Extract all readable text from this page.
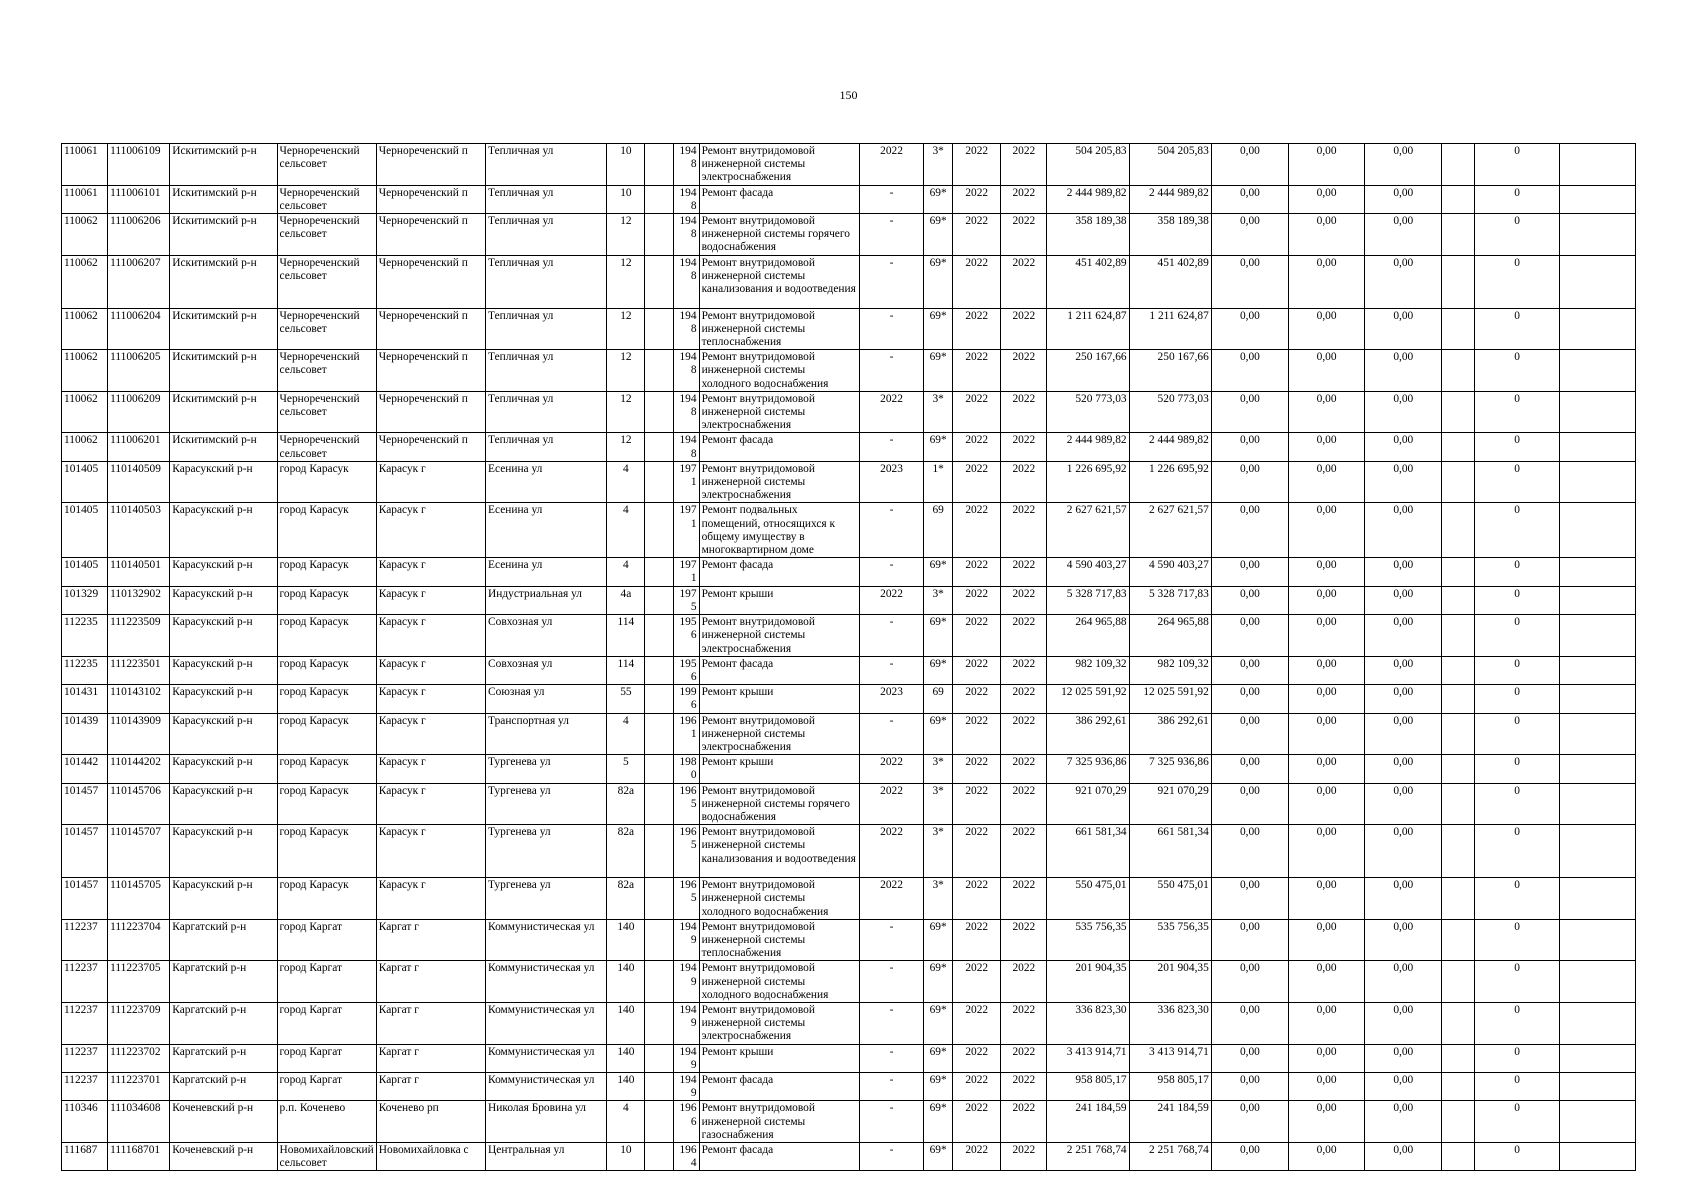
150
110061	111006109	Искитимский р-н	Чернореченский сельсовет	Чернореченский п	Тепличная ул	10		1948	Ремонт внутридомовой инженерной системы электроснабжения	2022	3*	2022	2022	504 205,83	504 205,83	0,00	0,00	0,00		0	
110061	111006101	Искитимский р-н	Чернореченский сельсовет	Чернореченский п	Тепличная ул	10		1948	Ремонт фасада	-	69*	2022	2022	2 444 989,82	2 444 989,82	0,00	0,00	0,00		0	
110062	111006206	Искитимский р-н	Чернореченский сельсовет	Чернореченский п	Тепличная ул	12		1948	Ремонт внутридомовой инженерной системы горячего водоснабжения	-	69*	2022	2022	358 189,38	358 189,38	0,00	0,00	0,00		0	
110062	111006207	Искитимский р-н	Чернореченский сельсовет	Чернореченский п	Тепличная ул	12		1948	Ремонт внутридомовой инженерной системы канализования и водоотведения	-	69*	2022	2022	451 402,89	451 402,89	0,00	0,00	0,00		0	
110062	111006204	Искитимский р-н	Чернореченский сельсовет	Чернореченский п	Тепличная ул	12		1948	Ремонт внутридомовой инженерной системы теплоснабжения	-	69*	2022	2022	1 211 624,87	1 211 624,87	0,00	0,00	0,00		0	
110062	111006205	Искитимский р-н	Чернореченский сельсовет	Чернореченский п	Тепличная ул	12		1948	Ремонт внутридомовой инженерной системы холодного водоснабжения	-	69*	2022	2022	250 167,66	250 167,66	0,00	0,00	0,00		0	
110062	111006209	Искитимский р-н	Чернореченский сельсовет	Чернореченский п	Тепличная ул	12		1948	Ремонт внутридомовой инженерной системы электроснабжения	2022	3*	2022	2022	520 773,03	520 773,03	0,00	0,00	0,00		0	
110062	111006201	Искитимский р-н	Чернореченский сельсовет	Чернореченский п	Тепличная ул	12		1948	Ремонт фасада	-	69*	2022	2022	2 444 989,82	2 444 989,82	0,00	0,00	0,00		0	
101405	110140509	Карасукский р-н	город Карасук	Карасук г	Есенина ул	4		1971	Ремонт внутридомовой инженерной системы электроснабжения	2023	1*	2022	2022	1 226 695,92	1 226 695,92	0,00	0,00	0,00		0	
101405	110140503	Карасукский р-н	город Карасук	Карасук г	Есенина ул	4		1971	Ремонт подвальных помещений, относящихся к общему имуществу в многоквартирном доме	-	69	2022	2022	2 627 621,57	2 627 621,57	0,00	0,00	0,00		0	
101405	110140501	Карасукский р-н	город Карасук	Карасук г	Есенина ул	4		1971	Ремонт фасада	-	69*	2022	2022	4 590 403,27	4 590 403,27	0,00	0,00	0,00		0	
101329	110132902	Карасукский р-н	город Карасук	Карасук г	Индустриальная ул	4а		1975	Ремонт крыши	2022	3*	2022	2022	5 328 717,83	5 328 717,83	0,00	0,00	0,00		0	
112235	111223509	Карасукский р-н	город Карасук	Карасук г	Совхозная ул	114		1956	Ремонт внутридомовой инженерной системы электроснабжения	-	69*	2022	2022	264 965,88	264 965,88	0,00	0,00	0,00		0	
112235	111223501	Карасукский р-н	город Карасук	Карасук г	Совхозная ул	114		1956	Ремонт фасада	-	69*	2022	2022	982 109,32	982 109,32	0,00	0,00	0,00		0	
101431	110143102	Карасукский р-н	город Карасук	Карасук г	Союзная ул	55		1996	Ремонт крыши	2023	69	2022	2022	12 025 591,92	12 025 591,92	0,00	0,00	0,00		0	
101439	110143909	Карасукский р-н	город Карасук	Карасук г	Транспортная ул	4		1961	Ремонт внутридомовой инженерной системы электроснабжения	-	69*	2022	2022	386 292,61	386 292,61	0,00	0,00	0,00		0	
101442	110144202	Карасукский р-н	город Карасук	Карасук г	Тургенева ул	5		1980	Ремонт крыши	2022	3*	2022	2022	7 325 936,86	7 325 936,86	0,00	0,00	0,00		0	
101457	110145706	Карасукский р-н	город Карасук	Карасук г	Тургенева ул	82а		1965	Ремонт внутридомовой инженерной системы горячего водоснабжения	2022	3*	2022	2022	921 070,29	921 070,29	0,00	0,00	0,00		0	
101457	110145707	Карасукский р-н	город Карасук	Карасук г	Тургенева ул	82а		1965	Ремонт внутридомовой инженерной системы канализования и водоотведения	2022	3*	2022	2022	661 581,34	661 581,34	0,00	0,00	0,00		0	
101457	110145705	Карасукский р-н	город Карасук	Карасук г	Тургенева ул	82а		1965	Ремонт внутридомовой инженерной системы холодного водоснабжения	2022	3*	2022	2022	550 475,01	550 475,01	0,00	0,00	0,00		0	
112237	111223704	Каргатский р-н	город Каргат	Каргат г	Коммунистическая ул	140		1949	Ремонт внутридомовой инженерной системы теплоснабжения	-	69*	2022	2022	535 756,35	535 756,35	0,00	0,00	0,00		0	
112237	111223705	Каргатский р-н	город Каргат	Каргат г	Коммунистическая ул	140		1949	Ремонт внутридомовой инженерной системы холодного водоснабжения	-	69*	2022	2022	201 904,35	201 904,35	0,00	0,00	0,00		0	
112237	111223709	Каргатский р-н	город Каргат	Каргат г	Коммунистическая ул	140		1949	Ремонт внутридомовой инженерной системы электроснабжения	-	69*	2022	2022	336 823,30	336 823,30	0,00	0,00	0,00		0	
112237	111223702	Каргатский р-н	город Каргат	Каргат г	Коммунистическая ул	140		1949	Ремонт крыши	-	69*	2022	2022	3 413 914,71	3 413 914,71	0,00	0,00	0,00		0	
112237	111223701	Каргатский р-н	город Каргат	Каргат г	Коммунистическая ул	140		1949	Ремонт фасада	-	69*	2022	2022	958 805,17	958 805,17	0,00	0,00	0,00		0	
110346	111034608	Коченевский р-н	р.п. Коченево	Коченево рп	Николая Бровина ул	4		1966	Ремонт внутридомовой инженерной системы газоснабжения	-	69*	2022	2022	241 184,59	241 184,59	0,00	0,00	0,00		0	
111687	111168701	Коченевский р-н	Новомихайловский сельсовет	Новомихайловка с	Центральная ул	10		1964	Ремонт фасада	-	69*	2022	2022	2 251 768,74	2 251 768,74	0,00	0,00	0,00		0	
